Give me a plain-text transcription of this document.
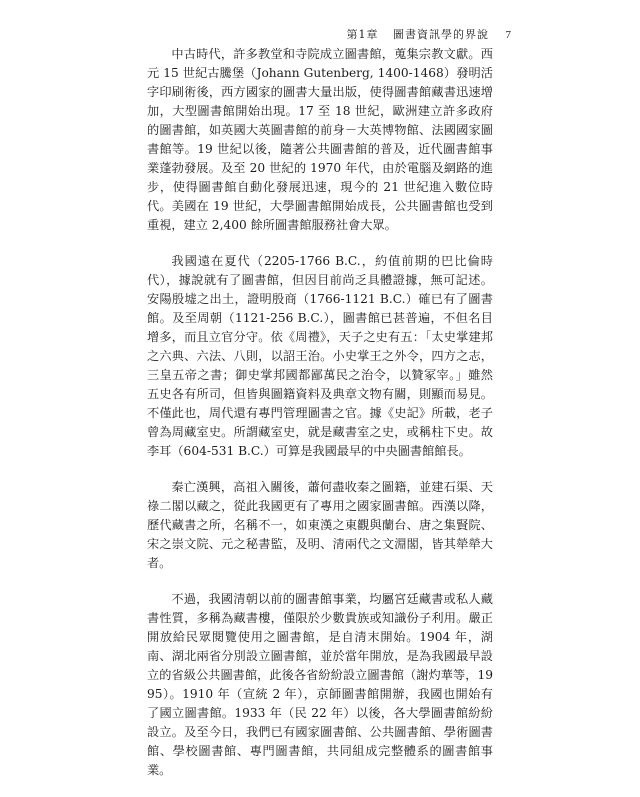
第1章 圖書資訊學的界說 7

中古時代，許多教堂和寺院成立圖書館，蒐集宗教文獻。西元 15 世紀古騰堡（Johann Gutenberg, 1400-1468）發明活字印刷術後，西方國家的圖書大量出版，使得圖書館藏書迅速增加，大型圖書館開始出現。17 至 18 世紀，歐洲建立許多政府的圖書館，如英國大英圖書館的前身－大英博物館、法國國家圖書館等。19 世紀以後，隨著公共圖書館的普及，近代圖書館事業蓬勃發展。及至 20 世紀的 1970 年代，由於電腦及網路的進步，使得圖書館自動化發展迅速，現今的 21 世紀進入數位時代。美國在 19 世紀，大學圖書館開始成長，公共圖書館也受到重視，建立 2,400 餘所圖書館服務社會大眾。

我國遠在夏代（2205-1766 B.C.，約值前期的巴比倫時代），據說就有了圖書館，但因目前尚乏具體證據，無可記述。安陽殷墟之出土，證明殷商（1766-1121 B.C.）確已有了圖書館。及至周朝（1121-256 B.C.），圖書館已甚普遍，不但名目增多，而且立官分守。依《周禮》，天子之史有五：「太史掌建邦之六典、六法、八則，以詔王治。小史掌王之外令，四方之志，三皇五帝之書；御史掌邦國都鄙萬民之治令，以贊冢宰。」雖然五史各有所司，但皆與圖籍資料及典章文物有關，則顯而易見。不僅此也，周代還有專門管理圖書之官。據《史記》所載，老子曾為周藏室史。所謂藏室史，就是藏書室之史，或稱柱下史。故李耳（604-531 B.C.）可算是我國最早的中央圖書館館長。

秦亡漢興，高祖入關後，蕭何盡收秦之圖籍，並建石渠、天祿二閣以藏之，從此我國更有了專用之國家圖書館。西漢以降，歷代藏書之所，名稱不一，如東漢之東觀與蘭台、唐之集賢院、宋之崇文院、元之秘書監，及明、清兩代之文淵閣，皆其犖犖大者。

不過，我國清朝以前的圖書館事業，均屬宮廷藏書或私人藏書性質，多稱為藏書樓，僅限於少數貴族或知識份子利用。嚴正開放給民眾閱覽使用之圖書館，是自清末開始。1904 年，湖南、湖北兩省分別設立圖書館，並於當年開放，是為我國最早設立的省級公共圖書館，此後各省紛紛設立圖書館（謝灼華等，1995）。1910 年（宣統 2 年），京師圖書館開辦，我國也開始有了國立圖書館。1933 年（民 22 年）以後，各大學圖書館紛紛設立。及至今日，我們已有國家圖書館、公共圖書館、學術圖書館、學校圖書館、專門圖書館，共同組成完整體系的圖書館事業。
